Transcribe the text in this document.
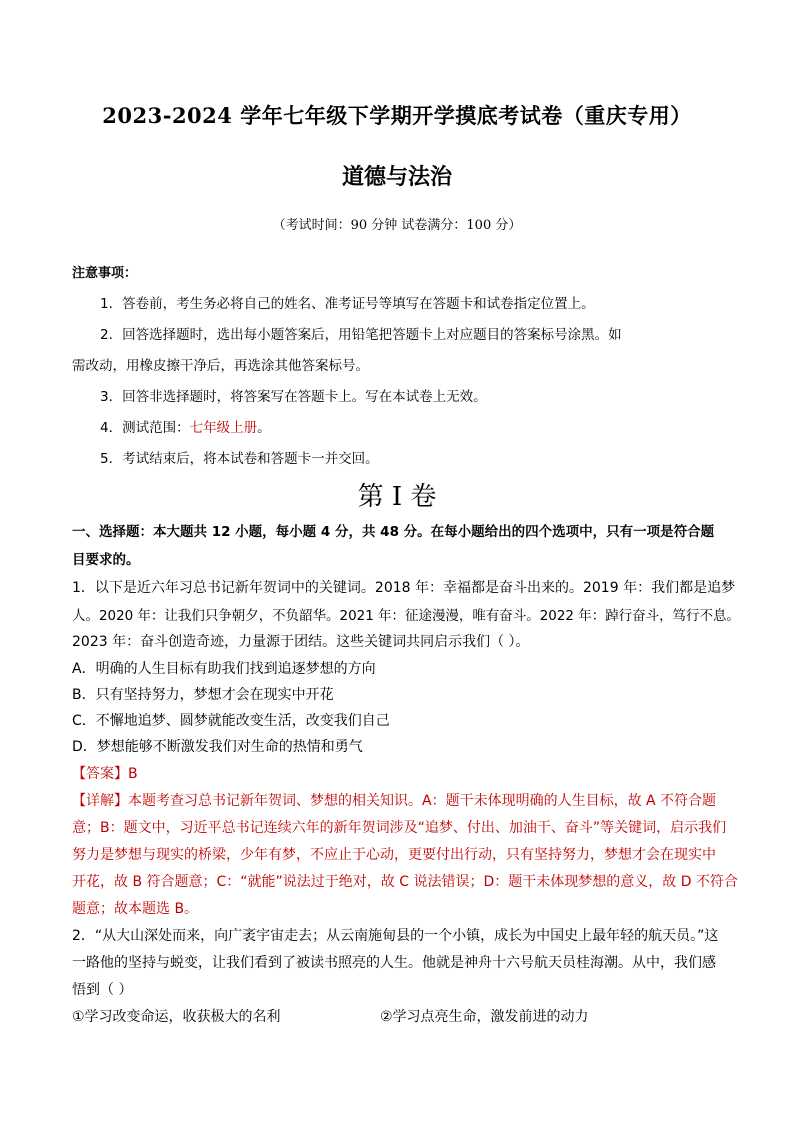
2023-2024 学年七年级下学期开学摸底考试卷（重庆专用）
道德与法治
（考试时间：90 分钟 试卷满分：100 分）
注意事项：
1．答卷前，考生务必将自己的姓名、准考证号等填写在答题卡和试卷指定位置上。
2．回答选择题时，选出每小题答案后，用铅笔把答题卡上对应题目的答案标号涂黑。如
需改动，用橡皮擦干净后，再选涂其他答案标号。
3．回答非选择题时，将答案写在答题卡上。写在本试卷上无效。
4．测试范围：七年级上册。
5．考试结束后，将本试卷和答题卡一并交回。
第 I 卷
一、选择题：本大题共 12 小题，每小题 4 分，共 48 分。在每小题给出的四个选项中，只有一项是符合题
目要求的。
1．以下是近六年习总书记新年贺词中的关键词。2018 年：幸福都是奋斗出来的。2019 年：我们都是追梦
人。2020 年：让我们只争朝夕，不负韶华。2021 年：征途漫漫，唯有奋斗。2022 年：踔行奋斗，笃行不息。
2023 年：奋斗创造奇迹，力量源于团结。这些关键词共同启示我们（ ）。
A．明确的人生目标有助我们找到追逐梦想的方向
B．只有坚持努力，梦想才会在现实中开花
C．不懈地追梦、圆梦就能改变生活，改变我们自己
D．梦想能够不断激发我们对生命的热情和勇气
【答案】B
【详解】本题考查习总书记新年贺词、梦想的相关知识。A：题干未体现明确的人生目标，故 A 不符合题
意；B：题文中，习近平总书记连续六年的新年贺词涉及“追梦、付出、加油干、奋斗”等关键词，启示我们
努力是梦想与现实的桥梁，少年有梦，不应止于心动，更要付出行动，只有坚持努力，梦想才会在现实中
开花，故 B 符合题意；C：“就能”说法过于绝对，故 C 说法错误；D：题干未体现梦想的意义，故 D 不符合
题意；故本题选 B。
2．“从大山深处而来，向广袤宇宙走去；从云南施甸县的一个小镇，成长为中国史上最年轻的航天员。”这
一路他的坚持与蜕变，让我们看到了被读书照亮的人生。他就是神舟十六号航天员桂海潮。从中，我们感
悟到（ ）
①学习改变命运，收获极大的名利	②学习点亮生命，激发前进的动力
